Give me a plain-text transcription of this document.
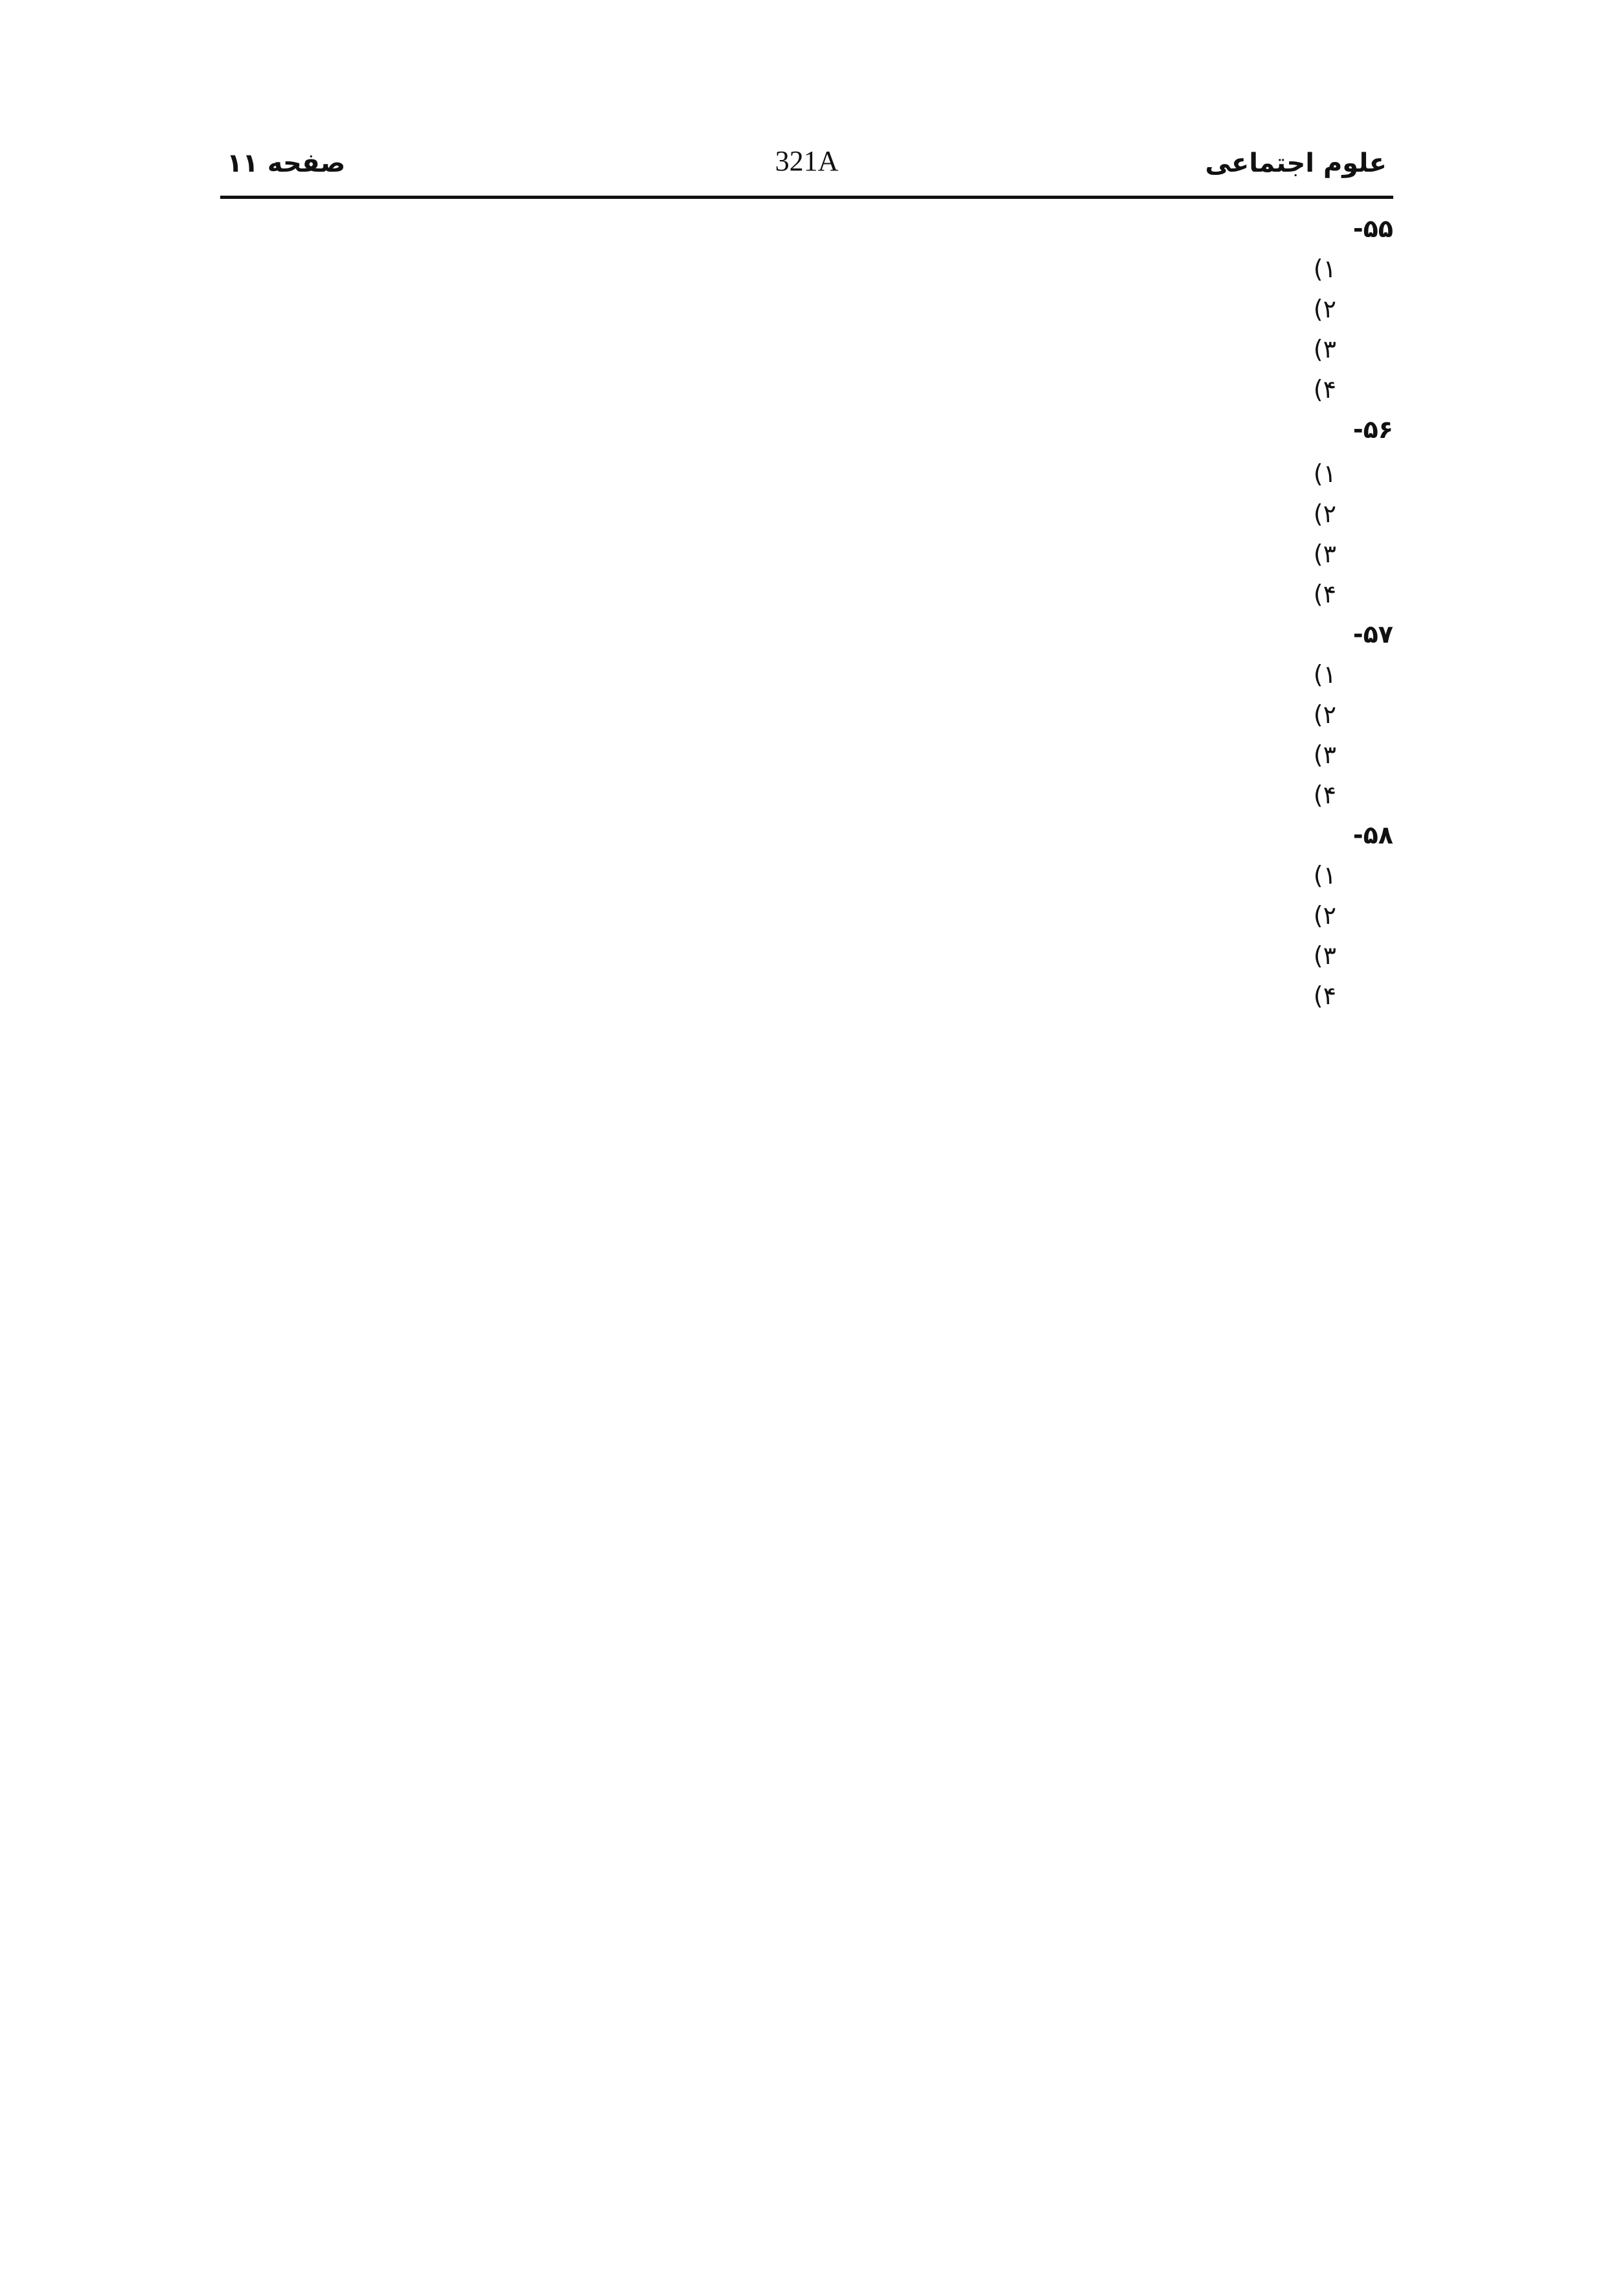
علوم اجتماعی
321A
صفحه ۱۱
۵۵-
۱)
۲)
۳)
۴)
۵۶-
۱)
۲)
۳)
۴)
۵۷-
۱)
۲)
۳)
۴)
۵۸-
۱)
۲)
۳)
۴)
